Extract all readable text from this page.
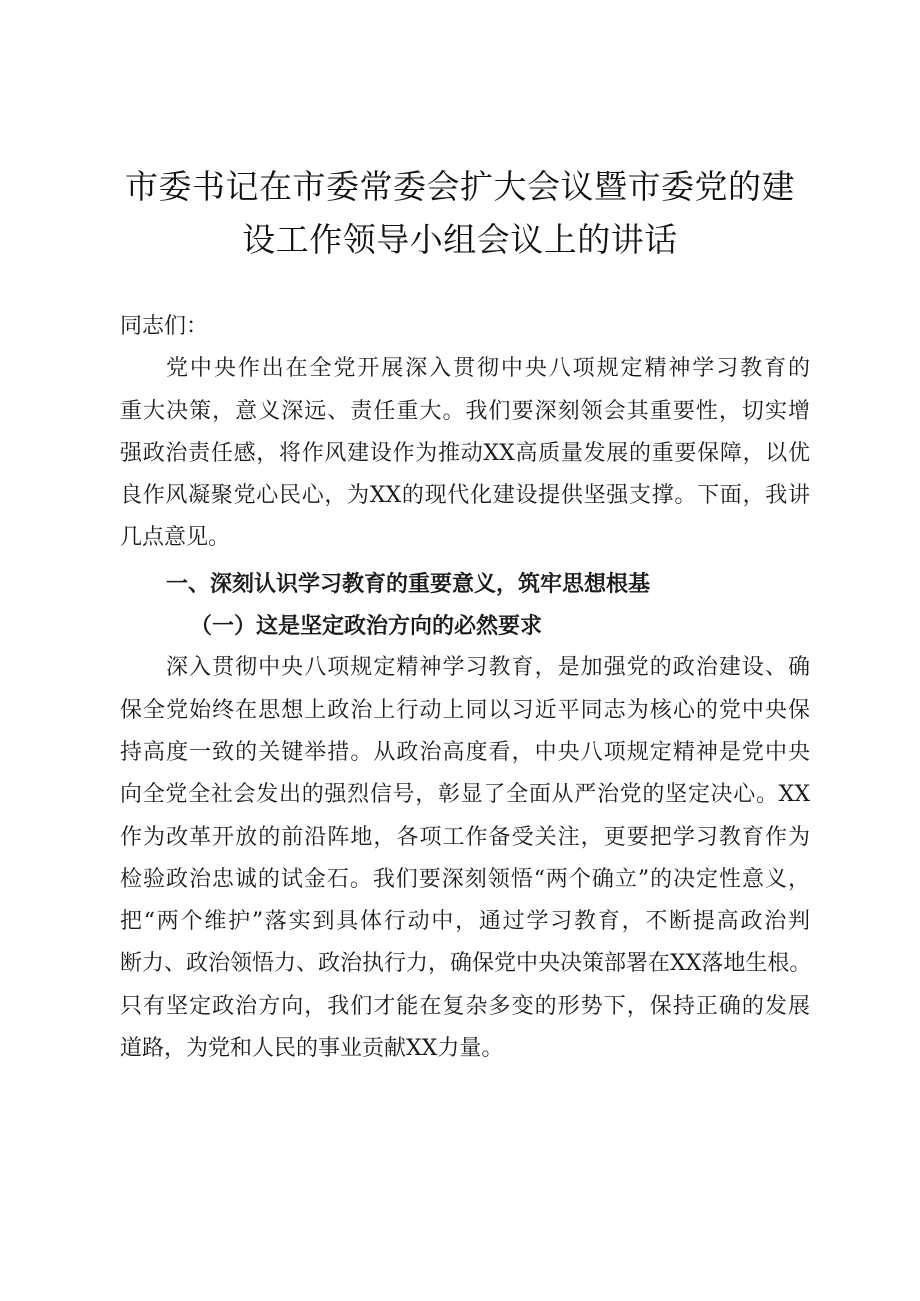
市委书记在市委常委会扩大会议暨市委党的建
设工作领导小组会议上的讲话
同志们：
党中央作出在全党开展深入贯彻中央八项规定精神学习教育的
重大决策，意义深远、责任重大。我们要深刻领会其重要性，切实增
强政治责任感，将作风建设作为推动XX高质量发展的重要保障，以优
良作风凝聚党心民心，为XX的现代化建设提供坚强支撑。下面，我讲
几点意见。
一、深刻认识学习教育的重要意义，筑牢思想根基
（一）这是坚定政治方向的必然要求
深入贯彻中央八项规定精神学习教育，是加强党的政治建设、确
保全党始终在思想上政治上行动上同以习近平同志为核心的党中央保
持高度一致的关键举措。从政治高度看，中央八项规定精神是党中央
向全党全社会发出的强烈信号，彰显了全面从严治党的坚定决心。XX
作为改革开放的前沿阵地，各项工作备受关注，更要把学习教育作为
检验政治忠诚的试金石。我们要深刻领悟“两个确立”的决定性意义，
把“两个维护”落实到具体行动中，通过学习教育，不断提高政治判
断力、政治领悟力、政治执行力，确保党中央决策部署在XX落地生根。
只有坚定政治方向，我们才能在复杂多变的形势下，保持正确的发展
道路，为党和人民的事业贡献XX力量。
